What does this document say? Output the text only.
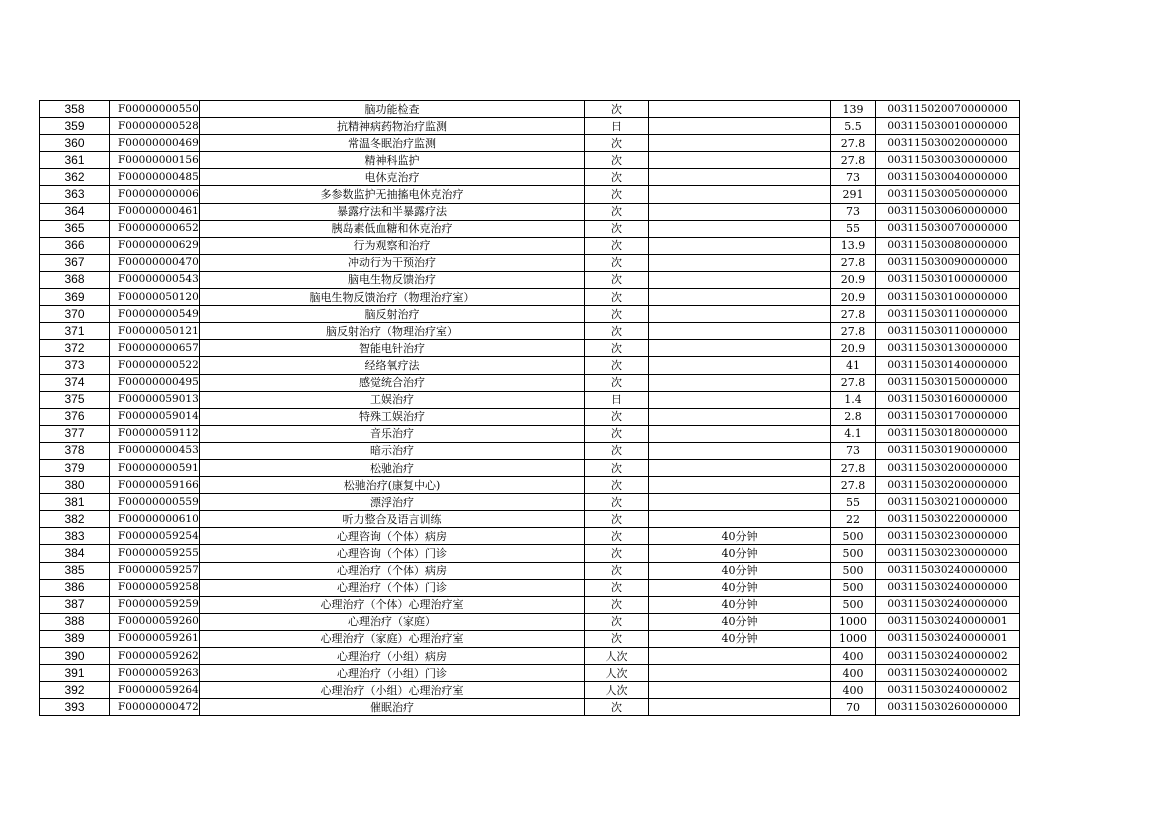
358	F00000000550	脑功能检查	次		139	003115020070000000
359	F00000000528	抗精神病药物治疗监测	日		5.5	003115030010000000
360	F00000000469	常温冬眠治疗监测	次		27.8	003115030020000000
361	F00000000156	精神科监护	次		27.8	003115030030000000
362	F00000000485	电休克治疗	次		73	003115030040000000
363	F00000000006	多参数监护无抽搐电休克治疗	次		291	003115030050000000
364	F00000000461	暴露疗法和半暴露疗法	次		73	003115030060000000
365	F00000000652	胰岛素低血糖和休克治疗	次		55	003115030070000000
366	F00000000629	行为观察和治疗	次		13.9	003115030080000000
367	F00000000470	冲动行为干预治疗	次		27.8	003115030090000000
368	F00000000543	脑电生物反馈治疗	次		20.9	003115030100000000
369	F00000050120	脑电生物反馈治疗（物理治疗室）	次		20.9	003115030100000000
370	F00000000549	脑反射治疗	次		27.8	003115030110000000
371	F00000050121	脑反射治疗（物理治疗室）	次		27.8	003115030110000000
372	F00000000657	智能电针治疗	次		20.9	003115030130000000
373	F00000000522	经络氧疗法	次		41	003115030140000000
374	F00000000495	感觉统合治疗	次		27.8	003115030150000000
375	F00000059013	工娱治疗	日		1.4	003115030160000000
376	F00000059014	特殊工娱治疗	次		2.8	003115030170000000
377	F00000059112	音乐治疗	次		4.1	003115030180000000
378	F00000000453	暗示治疗	次		73	003115030190000000
379	F00000000591	松驰治疗	次		27.8	003115030200000000
380	F00000059166	松驰治疗(康复中心)	次		27.8	003115030200000000
381	F00000000559	漂浮治疗	次		55	003115030210000000
382	F00000000610	听力整合及语言训练	次		22	003115030220000000
383	F00000059254	心理咨询（个体）病房	次	40分钟	500	003115030230000000
384	F00000059255	心理咨询（个体）门诊	次	40分钟	500	003115030230000000
385	F00000059257	心理治疗（个体）病房	次	40分钟	500	003115030240000000
386	F00000059258	心理治疗（个体）门诊	次	40分钟	500	003115030240000000
387	F00000059259	心理治疗（个体）心理治疗室	次	40分钟	500	003115030240000000
388	F00000059260	心理治疗（家庭）	次	40分钟	1000	003115030240000001
389	F00000059261	心理治疗（家庭）心理治疗室	次	40分钟	1000	003115030240000001
390	F00000059262	心理治疗（小组）病房	人次		400	003115030240000002
391	F00000059263	心理治疗（小组）门诊	人次		400	003115030240000002
392	F00000059264	心理治疗（小组）心理治疗室	人次		400	003115030240000002
393	F00000000472	催眠治疗	次		70	003115030260000000
